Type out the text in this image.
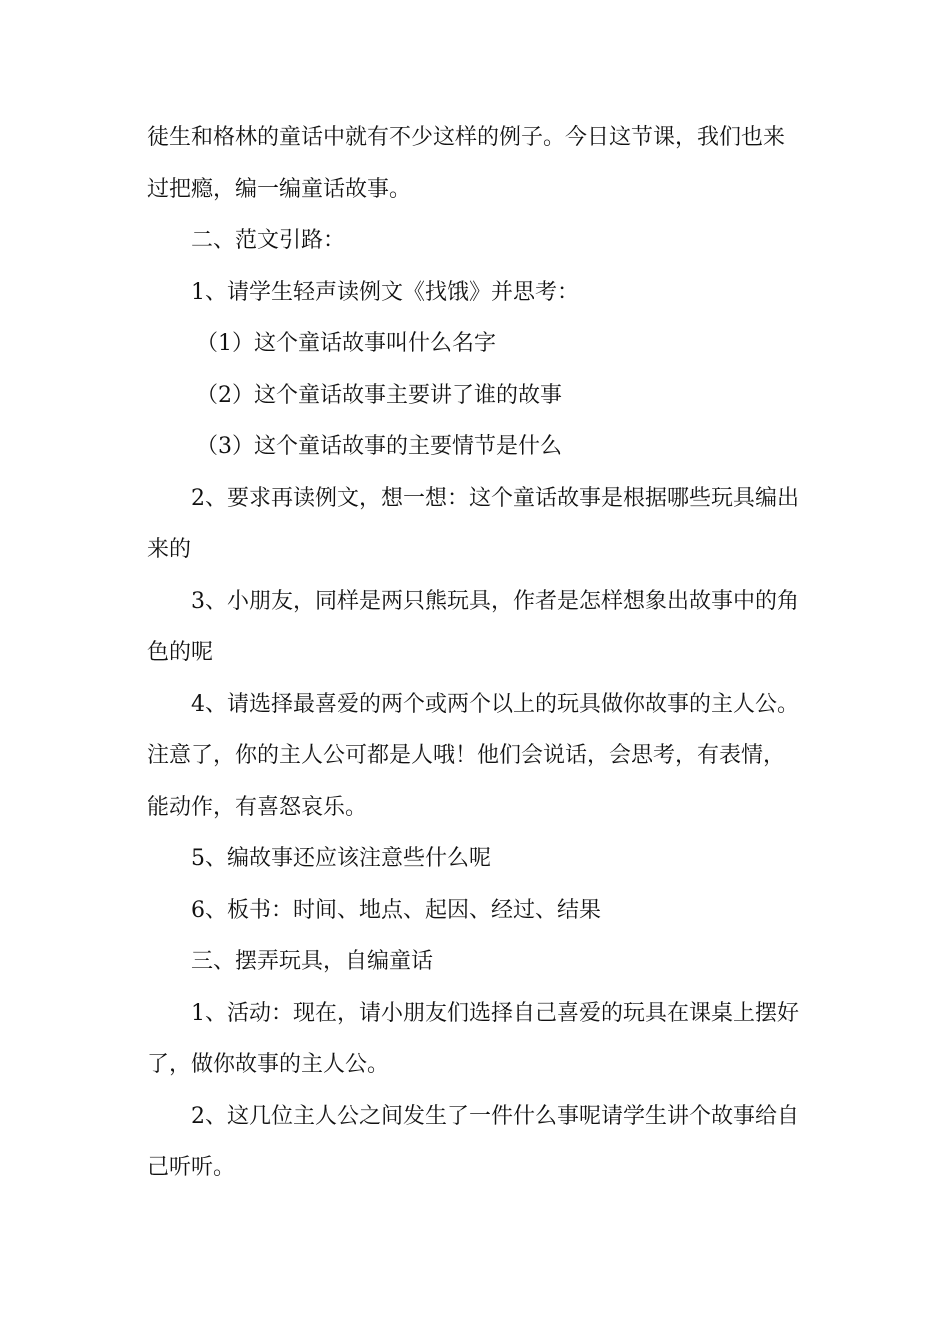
徒生和格林的童话中就有不少这样的例子。今日这节课，我们也来
过把瘾，编一编童话故事。
二、范文引路：
1、请学生轻声读例文《找饿》并思考：
（1）这个童话故事叫什么名字
（2）这个童话故事主要讲了谁的故事
（3）这个童话故事的主要情节是什么
2、要求再读例文，想一想：这个童话故事是根据哪些玩具编出
来的
3、小朋友，同样是两只熊玩具，作者是怎样想象出故事中的角
色的呢
4、请选择最喜爱的两个或两个以上的玩具做你故事的主人公。
注意了，你的主人公可都是人哦！他们会说话，会思考，有表情，
能动作，有喜怒哀乐。
5、编故事还应该注意些什么呢
6、板书：时间、地点、起因、经过、结果
三、摆弄玩具，自编童话
1、活动：现在，请小朋友们选择自己喜爱的玩具在课桌上摆好
了，做你故事的主人公。
2、这几位主人公之间发生了一件什么事呢请学生讲个故事给自
己听听。
